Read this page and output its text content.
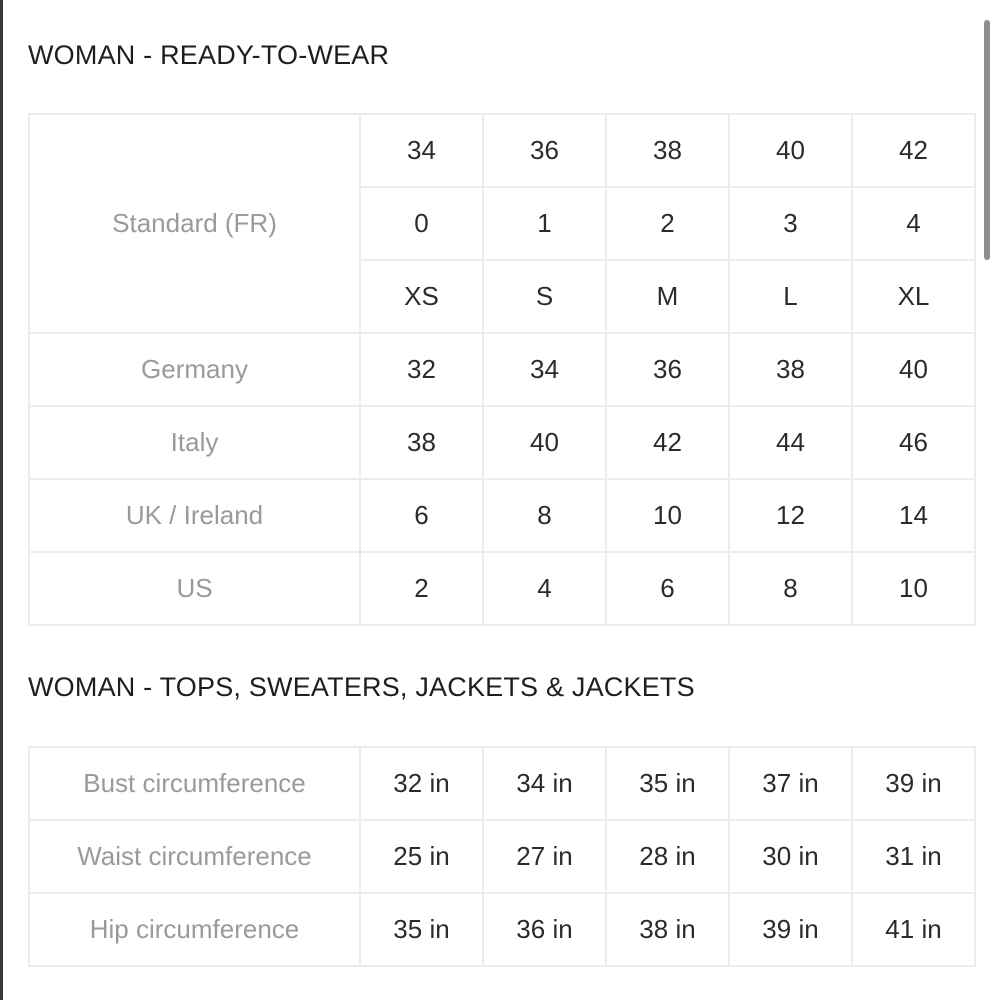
WOMAN - READY-TO-WEAR
Standard (FR)	34	36	38	40	42
	0	1	2	3	4
	XS	S	M	L	XL
Germany	32	34	36	38	40
Italy	38	40	42	44	46
UK / Ireland	6	8	10	12	14
US	2	4	6	8	10
WOMAN - TOPS, SWEATERS, JACKETS & JACKETS
Bust circumference	32 in	34 in	35 in	37 in	39 in
Waist circumference	25 in	27 in	28 in	30 in	31 in
Hip circumference	35 in	36 in	38 in	39 in	41 in
